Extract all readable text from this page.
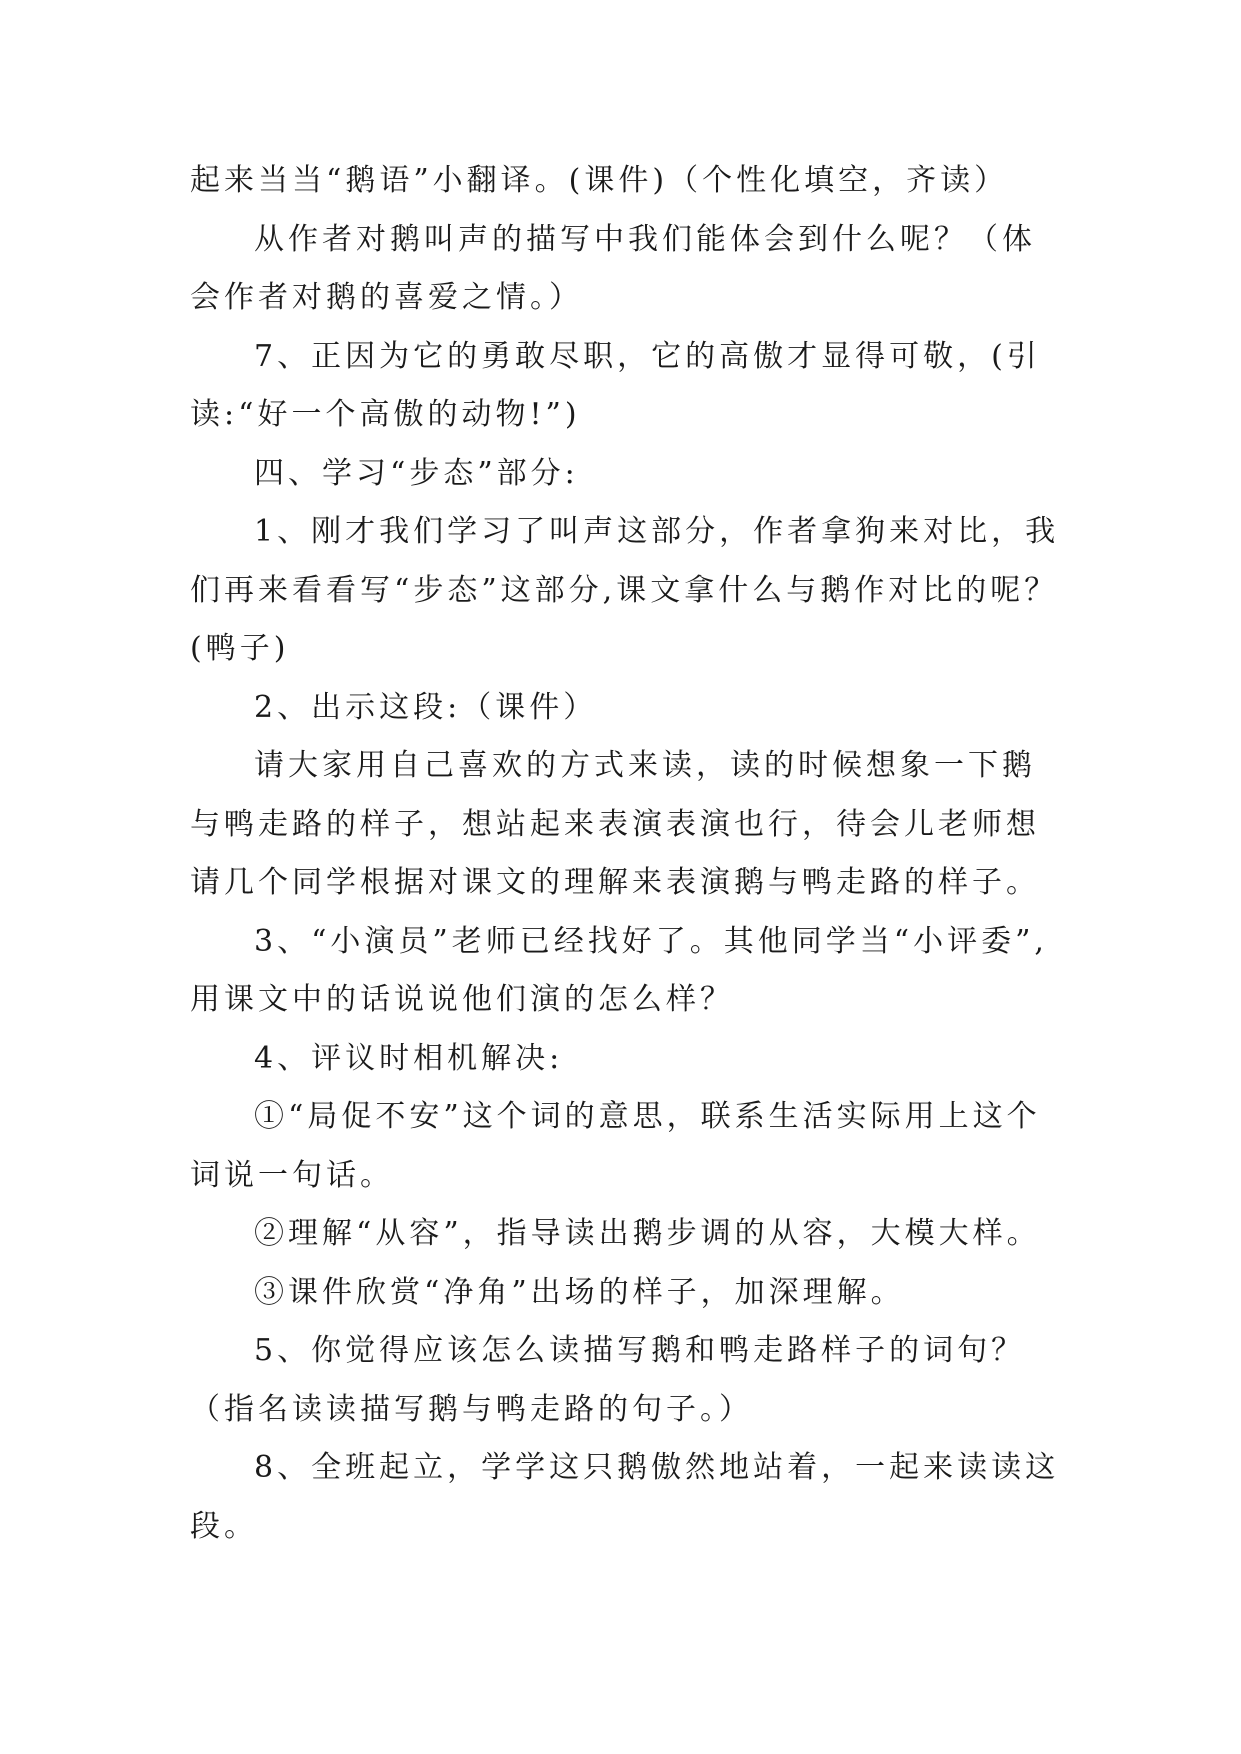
起来当当“鹅语”小翻译。(课件)（个性化填空，齐读）

从作者对鹅叫声的描写中我们能体会到什么呢？（体会作者对鹅的喜爱之情。）

7、正因为它的勇敢尽职，它的高傲才显得可敬，(引读:“好一个高傲的动物!”)

四、学习“步态”部分:

1、刚才我们学习了叫声这部分，作者拿狗来对比，我们再来看看写“步态”这部分,课文拿什么与鹅作对比的呢？(鸭子)

2、出示这段:（课件）

请大家用自己喜欢的方式来读，读的时候想象一下鹅与鸭走路的样子，想站起来表演表演也行，待会儿老师想请几个同学根据对课文的理解来表演鹅与鸭走路的样子。

3、“小演员”老师已经找好了。其他同学当“小评委”,用课文中的话说说他们演的怎么样？

4、评议时相机解决:

①“局促不安”这个词的意思，联系生活实际用上这个词说一句话。

②理解“从容”，指导读出鹅步调的从容，大模大样。

③课件欣赏“净角”出场的样子，加深理解。

5、你觉得应该怎么读描写鹅和鸭走路样子的词句？（指名读读描写鹅与鸭走路的句子。）

8、全班起立，学学这只鹅傲然地站着，一起来读读这段。
